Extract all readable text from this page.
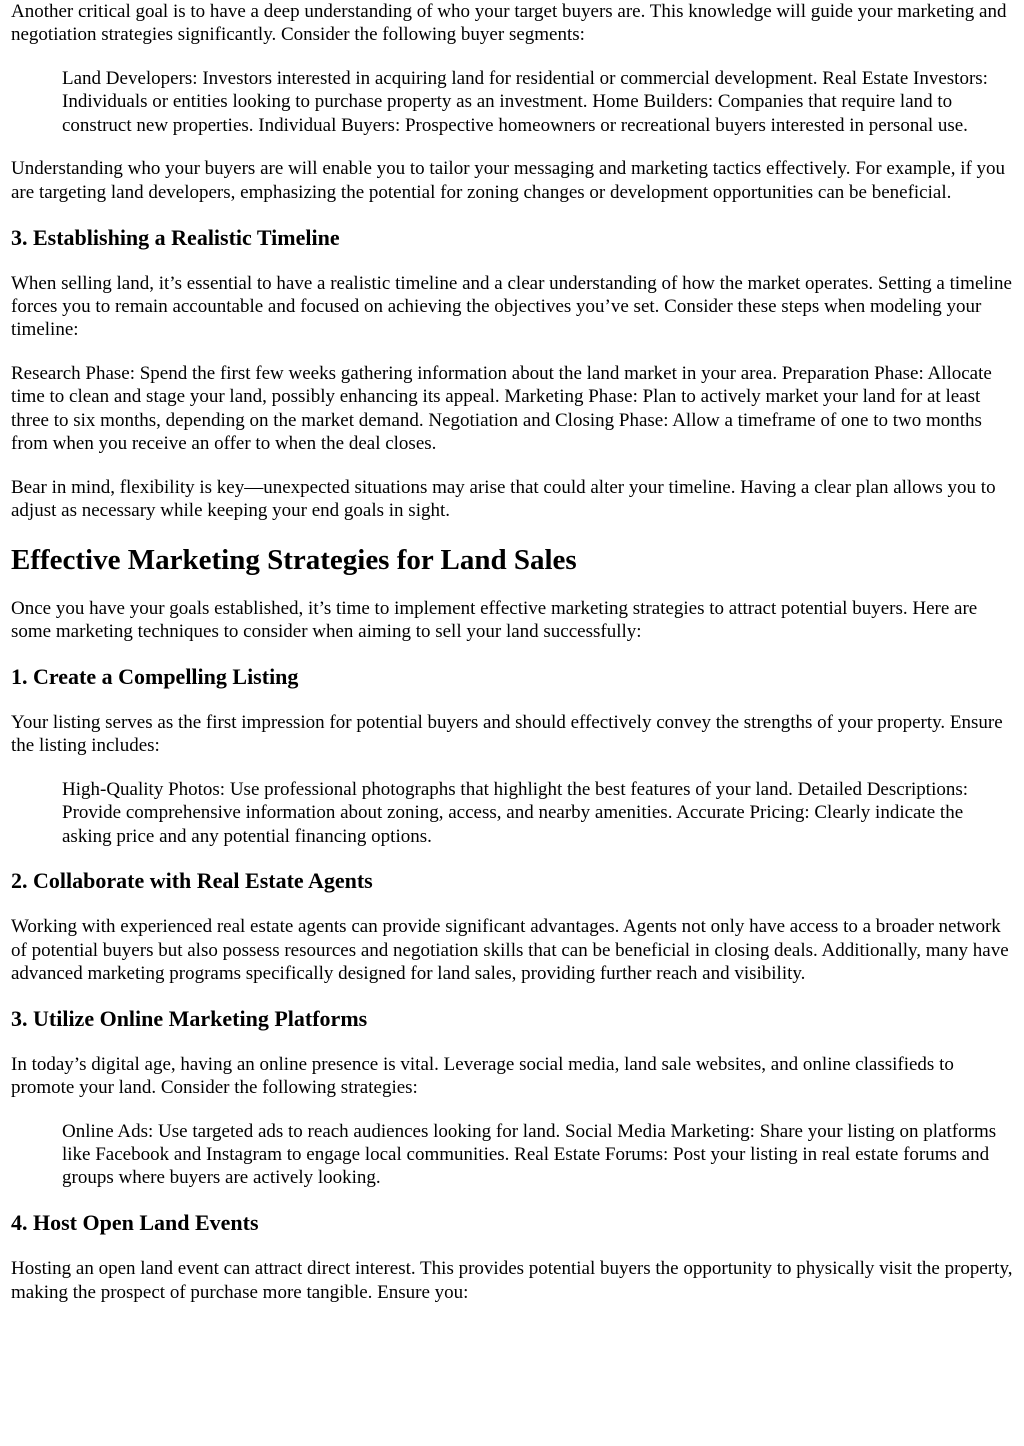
Another critical goal is to have a deep understanding of who your target buyers are. This knowledge will guide your marketing and negotiation strategies significantly. Consider the following buyer segments:

Land Developers: Investors interested in acquiring land for residential or commercial development. Real Estate Investors: Individuals or entities looking to purchase property as an investment. Home Builders: Companies that require land to construct new properties. Individual Buyers: Prospective homeowners or recreational buyers interested in personal use.

Understanding who your buyers are will enable you to tailor your messaging and marketing tactics effectively. For example, if you are targeting land developers, emphasizing the potential for zoning changes or development opportunities can be beneficial.

3. Establishing a Realistic Timeline

When selling land, it’s essential to have a realistic timeline and a clear understanding of how the market operates. Setting a timeline forces you to remain accountable and focused on achieving the objectives you’ve set. Consider these steps when modeling your timeline:

Research Phase: Spend the first few weeks gathering information about the land market in your area. Preparation Phase: Allocate time to clean and stage your land, possibly enhancing its appeal. Marketing Phase: Plan to actively market your land for at least three to six months, depending on the market demand. Negotiation and Closing Phase: Allow a timeframe of one to two months from when you receive an offer to when the deal closes.

Bear in mind, flexibility is key—unexpected situations may arise that could alter your timeline. Having a clear plan allows you to adjust as necessary while keeping your end goals in sight.

Effective Marketing Strategies for Land Sales

Once you have your goals established, it’s time to implement effective marketing strategies to attract potential buyers. Here are some marketing techniques to consider when aiming to sell your land successfully:

1. Create a Compelling Listing

Your listing serves as the first impression for potential buyers and should effectively convey the strengths of your property. Ensure the listing includes:

High-Quality Photos: Use professional photographs that highlight the best features of your land. Detailed Descriptions: Provide comprehensive information about zoning, access, and nearby amenities. Accurate Pricing: Clearly indicate the asking price and any potential financing options.
2. Collaborate with Real Estate Agents

Working with experienced real estate agents can provide significant advantages. Agents not only have access to a broader network of potential buyers but also possess resources and negotiation skills that can be beneficial in closing deals. Additionally, many have advanced marketing programs specifically designed for land sales, providing further reach and visibility.

3. Utilize Online Marketing Platforms

In today’s digital age, having an online presence is vital. Leverage social media, land sale websites, and online classifieds to promote your land. Consider the following strategies:

Online Ads: Use targeted ads to reach audiences looking for land. Social Media Marketing: Share your listing on platforms like Facebook and Instagram to engage local communities. Real Estate Forums: Post your listing in real estate forums and groups where buyers are actively looking.
4. Host Open Land Events

Hosting an open land event can attract direct interest. This provides potential buyers the opportunity to physically visit the property, making the prospect of purchase more tangible. Ensure you:
